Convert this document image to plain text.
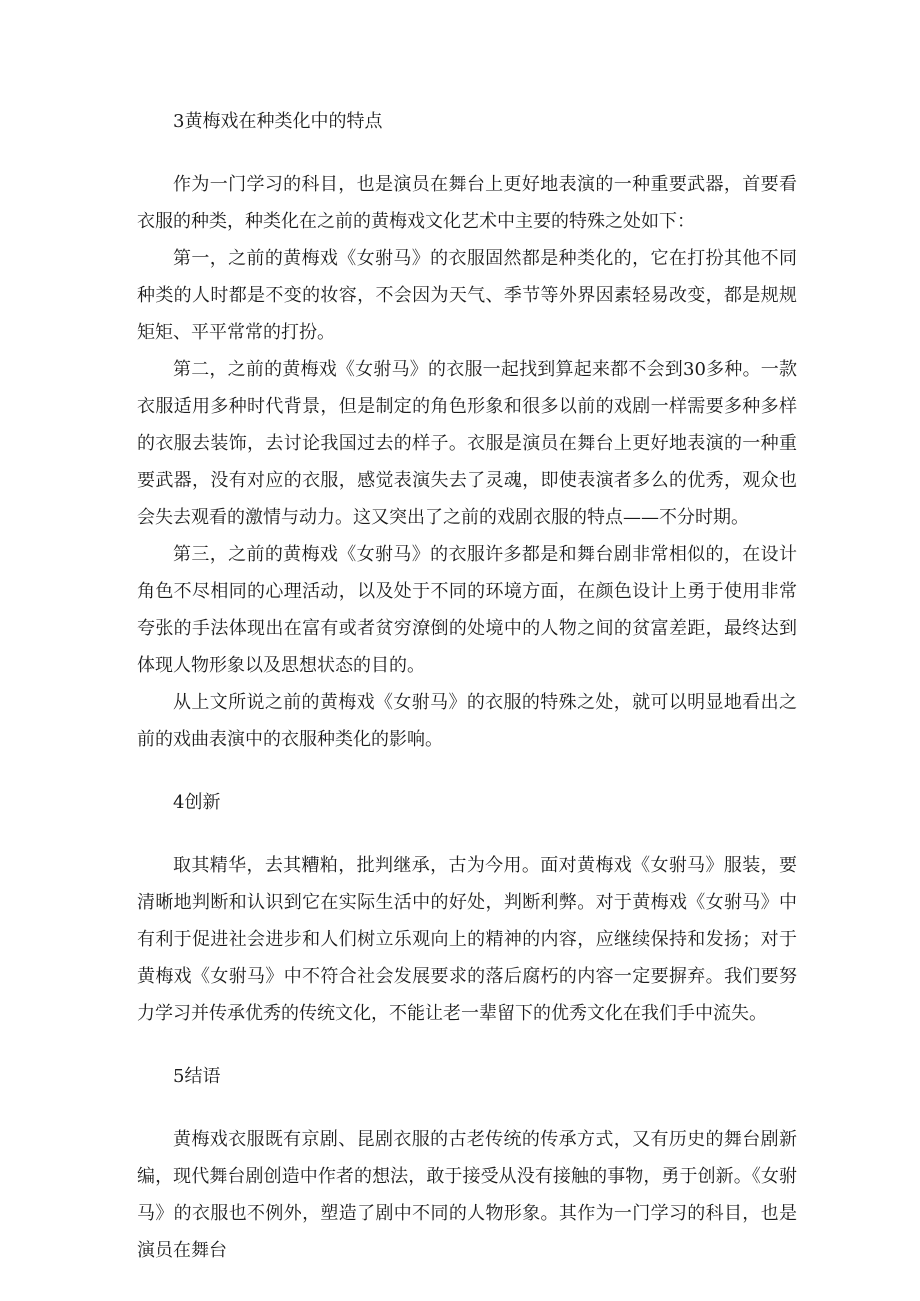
3黄梅戏在种类化中的特点

作为一门学习的科目，也是演员在舞台上更好地表演的一种重要武器，首要看衣服的种类，种类化在之前的黄梅戏文化艺术中主要的特殊之处如下：

第一，之前的黄梅戏《女驸马》的衣服固然都是种类化的，它在打扮其他不同种类的人时都是不变的妆容，不会因为天气、季节等外界因素轻易改变，都是规规矩矩、平平常常的打扮。

第二，之前的黄梅戏《女驸马》的衣服一起找到算起来都不会到30多种。一款衣服适用多种时代背景，但是制定的角色形象和很多以前的戏剧一样需要多种多样的衣服去装饰，去讨论我国过去的样子。衣服是演员在舞台上更好地表演的一种重要武器，没有对应的衣服，感觉表演失去了灵魂，即使表演者多么的优秀，观众也会失去观看的激情与动力。这又突出了之前的戏剧衣服的特点——不分时期。

第三，之前的黄梅戏《女驸马》的衣服许多都是和舞台剧非常相似的，在设计角色不尽相同的心理活动，以及处于不同的环境方面，在颜色设计上勇于使用非常夸张的手法体现出在富有或者贫穷潦倒的处境中的人物之间的贫富差距，最终达到体现人物形象以及思想状态的目的。

从上文所说之前的黄梅戏《女驸马》的衣服的特殊之处，就可以明显地看出之前的戏曲表演中的衣服种类化的影响。

4创新

取其精华，去其糟粕，批判继承，古为今用。面对黄梅戏《女驸马》服装，要清晰地判断和认识到它在实际生活中的好处，判断利弊。对于黄梅戏《女驸马》中有利于促进社会进步和人们树立乐观向上的精神的内容，应继续保持和发扬；对于黄梅戏《女驸马》中不符合社会发展要求的落后腐朽的内容一定要摒弃。我们要努力学习并传承优秀的传统文化，不能让老一辈留下的优秀文化在我们手中流失。

5结语

黄梅戏衣服既有京剧、昆剧衣服的古老传统的传承方式，又有历史的舞台剧新编，现代舞台剧创造中作者的想法，敢于接受从没有接触的事物，勇于创新。《女驸马》的衣服也不例外，塑造了剧中不同的人物形象。其作为一门学习的科目，也是演员在舞台
